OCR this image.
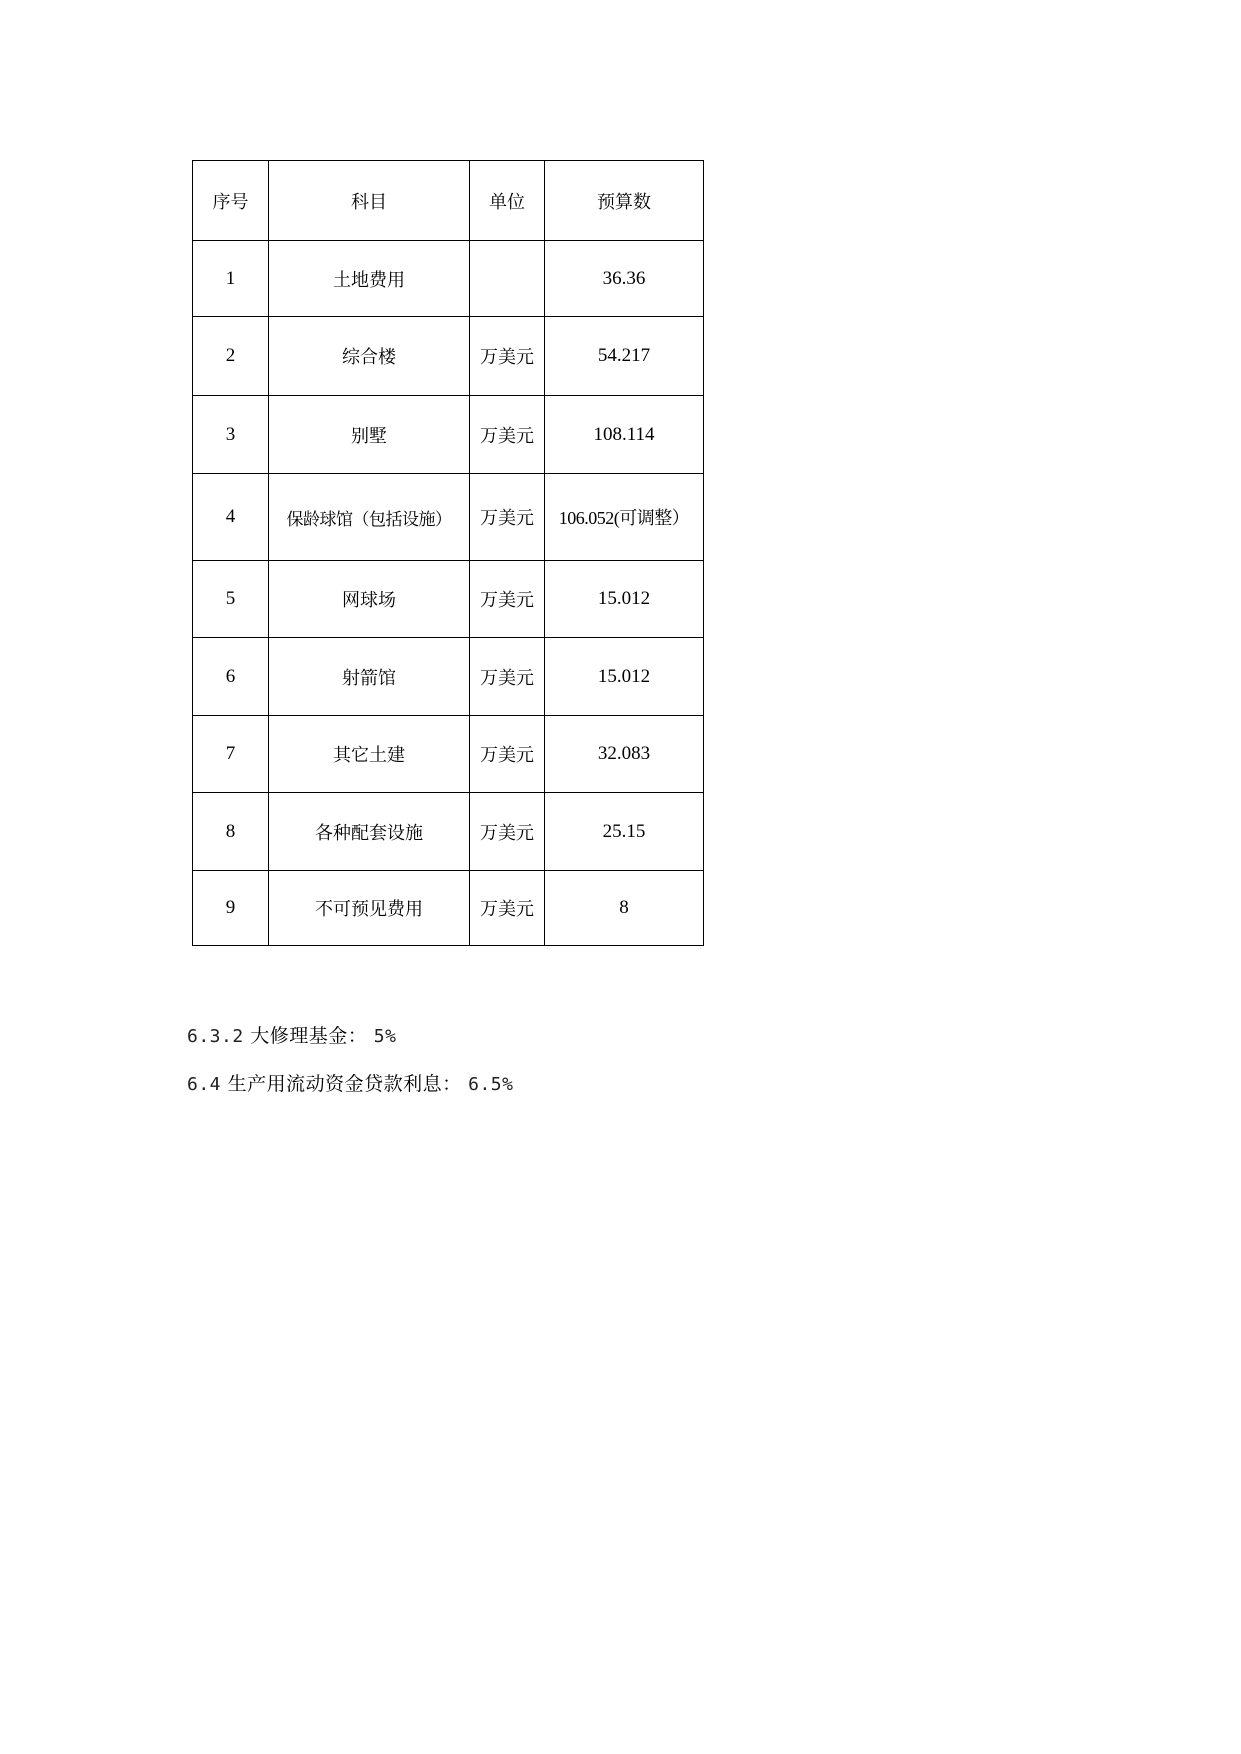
序号	科目	单位	预算数
1	土地费用		36.36
2	综合楼	万美元	54.217
3	别墅	万美元	108.114
4	保龄球馆（包括设施）	万美元	106.052(可调整）
5	网球场	万美元	15.012
6	射箭馆	万美元	15.012
7	其它土建	万美元	32.083
8	各种配套设施	万美元	25.15
9	不可预见费用	万美元	8
6.3.2 大修理基金： 5%
6.4 生产用流动资金贷款利息： 6.5%
